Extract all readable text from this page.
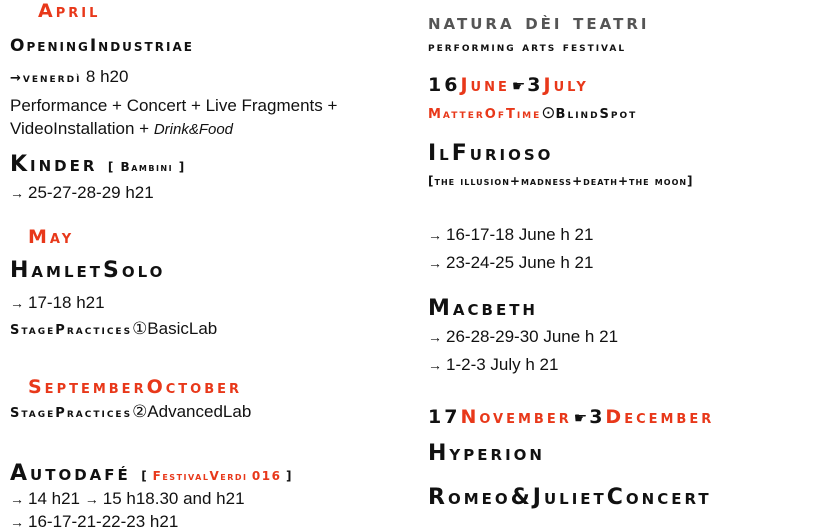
April
OpeningIndustriae
→venerdì 8 h20
Performance + Concert + Live Fragments +
VideoInstallation + Drink&Food
Kinder [ Bambini ]
→ 25-27-28-29 h21
May
HamletSolo
→ 17-18 h21
StagePractices①BasicLab
SeptemberOctober
StagePractices②AdvancedLab
Autodafé [ FestivalVerdi 016 ]
→ 14 h21 → 15 h18.30 and h21
→ 16-17-21-22-23 h21
natura dèi teatri
performing arts festival
16June ☛ 3July
MatterOfTime⊙BlindSpot
IlFurioso
[the illusion+madness+death+the moon]
→ 16-17-18 June h 21
→ 23-24-25 June h 21
Macbeth
→ 26-28-29-30 June h 21
→ 1-2-3 July h 21
17November ☛ 3December
Hyperion
Romeo&JulietConcert
